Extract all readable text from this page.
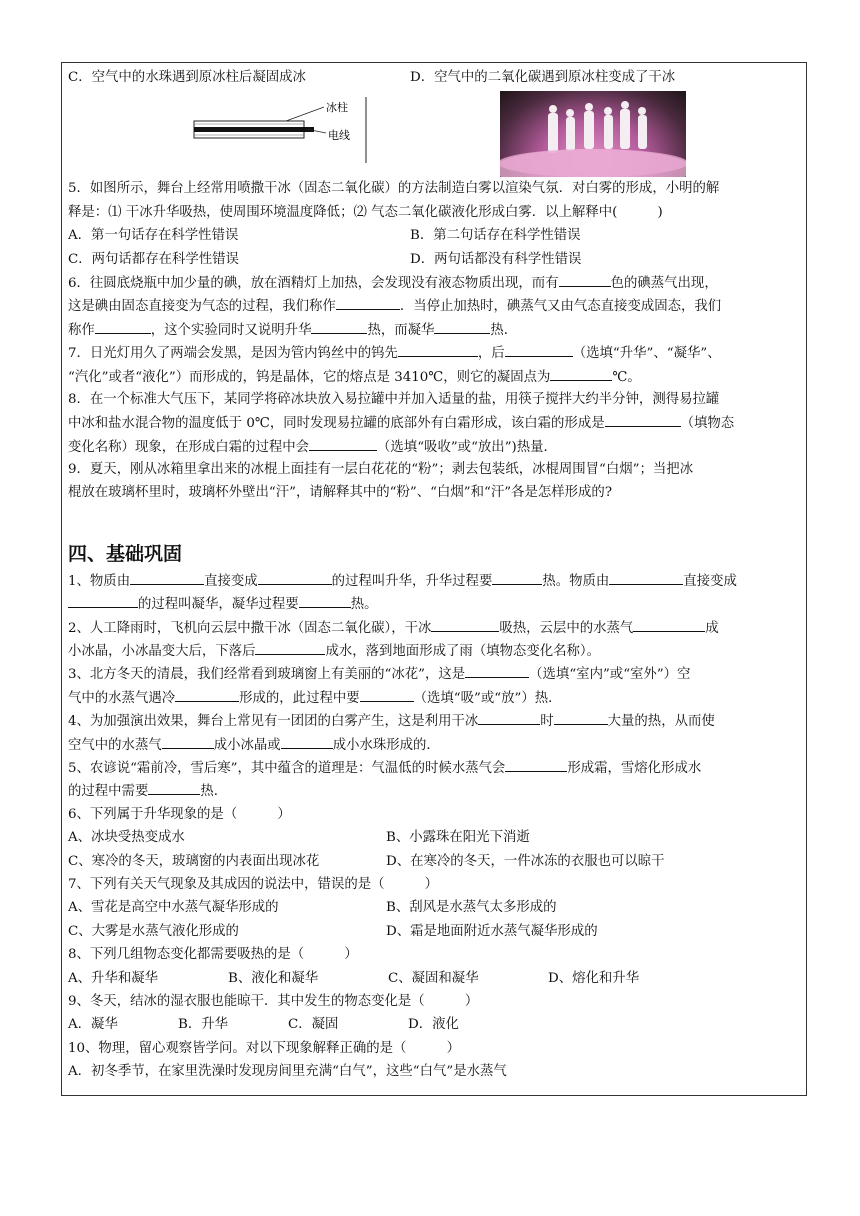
C．空气中的水珠遇到原冰柱后凝固成冰	D．空气中的二氧化碳遇到原冰柱变成了干冰
冰柱
电线
5．如图所示，舞台上经常用喷撒干冰（固态二氧化碳）的方法制造白雾以渲染气氛．对白雾的形成，小明的解
释是：⑴ 干冰升华吸热，使周围环境温度降低；⑵ 气态二氧化碳液化形成白雾．以上解释中(　　　)
A．第一句话存在科学性错误	B．第二句话存在科学性错误
C．两句话都存在科学性错误	D．两句话都没有科学性错误
6．往圆底烧瓶中加少量的碘，放在酒精灯上加热，会发现没有液态物质出现，而有	色的碘蒸气出现，
这是碘由固态直接变为气态的过程，我们称作	．当停止加热时，碘蒸气又由气态直接变成固态，我们
称作	，这个实验同时又说明升华	热，而凝华	热．
7．日光灯用久了两端会发黑，是因为管内钨丝中的钨先	，后	（选填“升华”、“凝华”、
“汽化”或者“液化”）而形成的，钨是晶体，它的熔点是 3410℃，则它的凝固点为	℃。
8．在一个标准大气压下，某同学将碎冰块放入易拉罐中并加入适量的盐，用筷子搅拌大约半分钟，测得易拉罐
中冰和盐水混合物的温度低于 0℃，同时发现易拉罐的底部外有白霜形成，该白霜的形成是	（填物态
变化名称）现象，在形成白霜的过程中会	（选填“吸收”或“放出”)热量．
9．夏天，刚从冰箱里拿出来的冰棍上面挂有一层白花花的“粉”；剥去包装纸，冰棍周围冒“白烟”；当把冰
棍放在玻璃杯里时，玻璃杯外壁出“汗”，请解释其中的“粉”、“白烟”和“汗”各是怎样形成的?
四、基础巩固
1、物质由	直接变成	的过程叫升华，升华过程要	热。物质由	直接变成
的过程叫凝华，凝华过程要	热。
2、人工降雨时，飞机向云层中撒干冰（固态二氧化碳），干冰	吸热，云层中的水蒸气	成
小冰晶，小冰晶变大后，下落后	成水，落到地面形成了雨（填物态变化名称）。
3、北方冬天的清晨，我们经常看到玻璃窗上有美丽的“冰花”，这是	（选填“室内”或“室外”）空
气中的水蒸气遇冷	形成的，此过程中要	（选填“吸”或“放”）热．
4、为加强演出效果，舞台上常见有一团团的白雾产生，这是利用干冰	时	大量的热，从而使
空气中的水蒸气	成小冰晶或	成小水珠形成的．
5、农谚说“霜前冷，雪后寒”，其中蕴含的道理是：气温低的时候水蒸气会	形成霜，雪熔化形成水
的过程中需要	热．
6、下列属于升华现象的是（　　　）
A、冰块受热变成水	B、小露珠在阳光下消逝
C、寒冷的冬天，玻璃窗的内表面出现冰花	D、在寒冷的冬天，一件冰冻的衣服也可以晾干
7、下列有关天气现象及其成因的说法中，错误的是（　　　）
A、雪花是高空中水蒸气凝华形成的	B、刮风是水蒸气太多形成的
C、大雾是水蒸气液化形成的	D、霜是地面附近水蒸气凝华形成的
8、下列几组物态变化都需要吸热的是（　　　）
A、升华和凝华	B、液化和凝华	C、凝固和凝华	D、熔化和升华
9、冬天，结冰的湿衣服也能晾干．其中发生的物态变化是（　　　）
A．凝华	B．升华	C．凝固	D．液化
10、物理，留心观察皆学问。对以下现象解释正确的是（　　　）
A．初冬季节，在家里洗澡时发现房间里充满“白气”，这些“白气”是水蒸气
